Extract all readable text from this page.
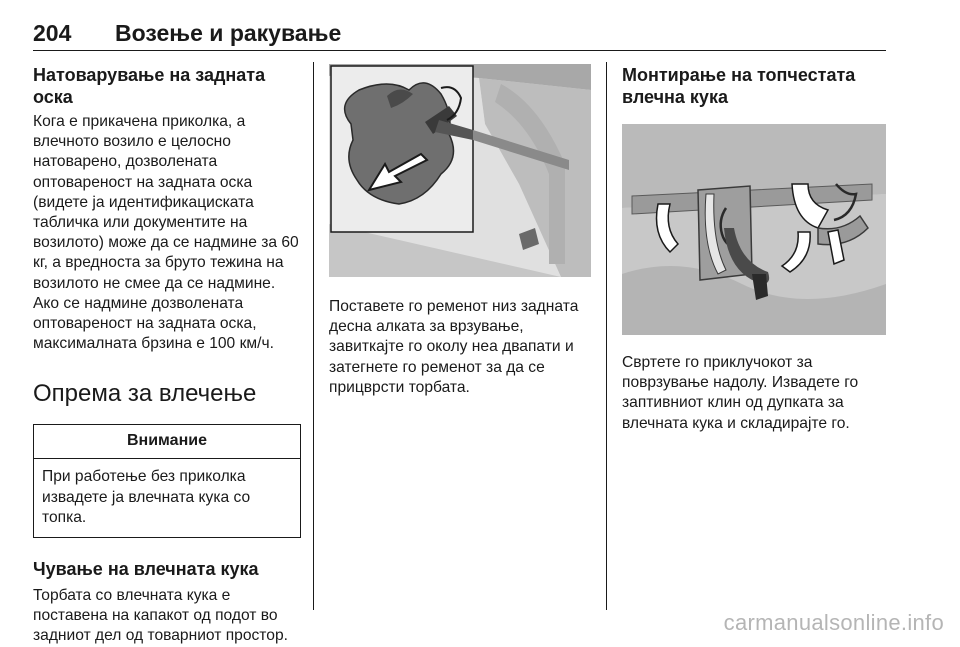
204 Возење и ракување
Натоварување на задната оска

Кога е прикачена приколка, а влечното возило е целосно натоварено, дозволената оптовареност на задната оска (видете ја идентификациската табличка или документите на возилото) може да се надмине за 60 кг, а вредноста за бруто тежина на возилото не смее да се надмине. Ако се надмине дозволената оптовареност на задната оска, максималната брзина е 100 км/ч.

Опрема за влечење
Внимание
При работење без приколка извадете ја влечната кука со топка.
Чување на влечната кука

Торбата со влечната кука е поставена на капакот од подот во задниот дел од товарниот простор.

Поставете го ременот низ задната десна алката за врзување, завиткајте го околу неа двапати и затегнете го ременот за да се прицврсти торбата.

Монтирање на топчестата влечна кука

Свртете го приклучокот за поврзување надолу. Извадете го заптивниот клин од дупката за влечната кука и складирајте го.

carmanualsonline.info
